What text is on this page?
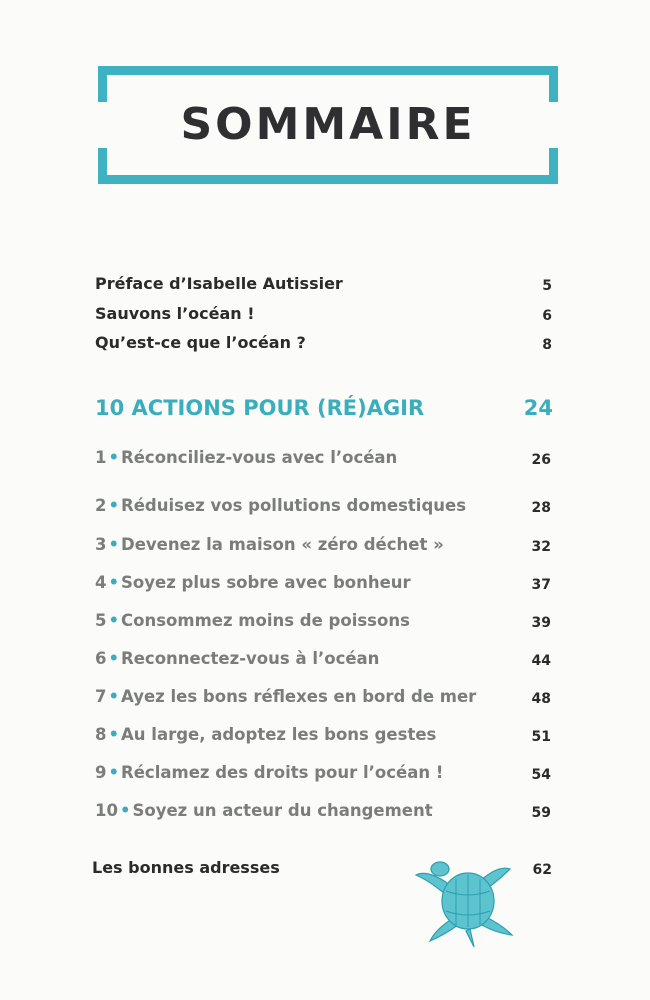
SOMMAIRE
Préface d’Isabelle Autissier	5
Sauvons l’océan !	6
Qu’est-ce que l’océan ?	8
10 ACTIONS POUR (RÉ)AGIR	24
1 • Réconciliez-vous avec l’océan	26
2 • Réduisez vos pollutions domestiques	28
3 • Devenez la maison « zéro déchet »	32
4 • Soyez plus sobre avec bonheur	37
5 • Consommez moins de poissons	39
6 • Reconnectez-vous à l’océan	44
7 • Ayez les bons réflexes en bord de mer	48
8 • Au large, adoptez les bons gestes	51
9 • Réclamez des droits pour l’océan !	54
10 • Soyez un acteur du changement	59
Les bonnes adresses	62
